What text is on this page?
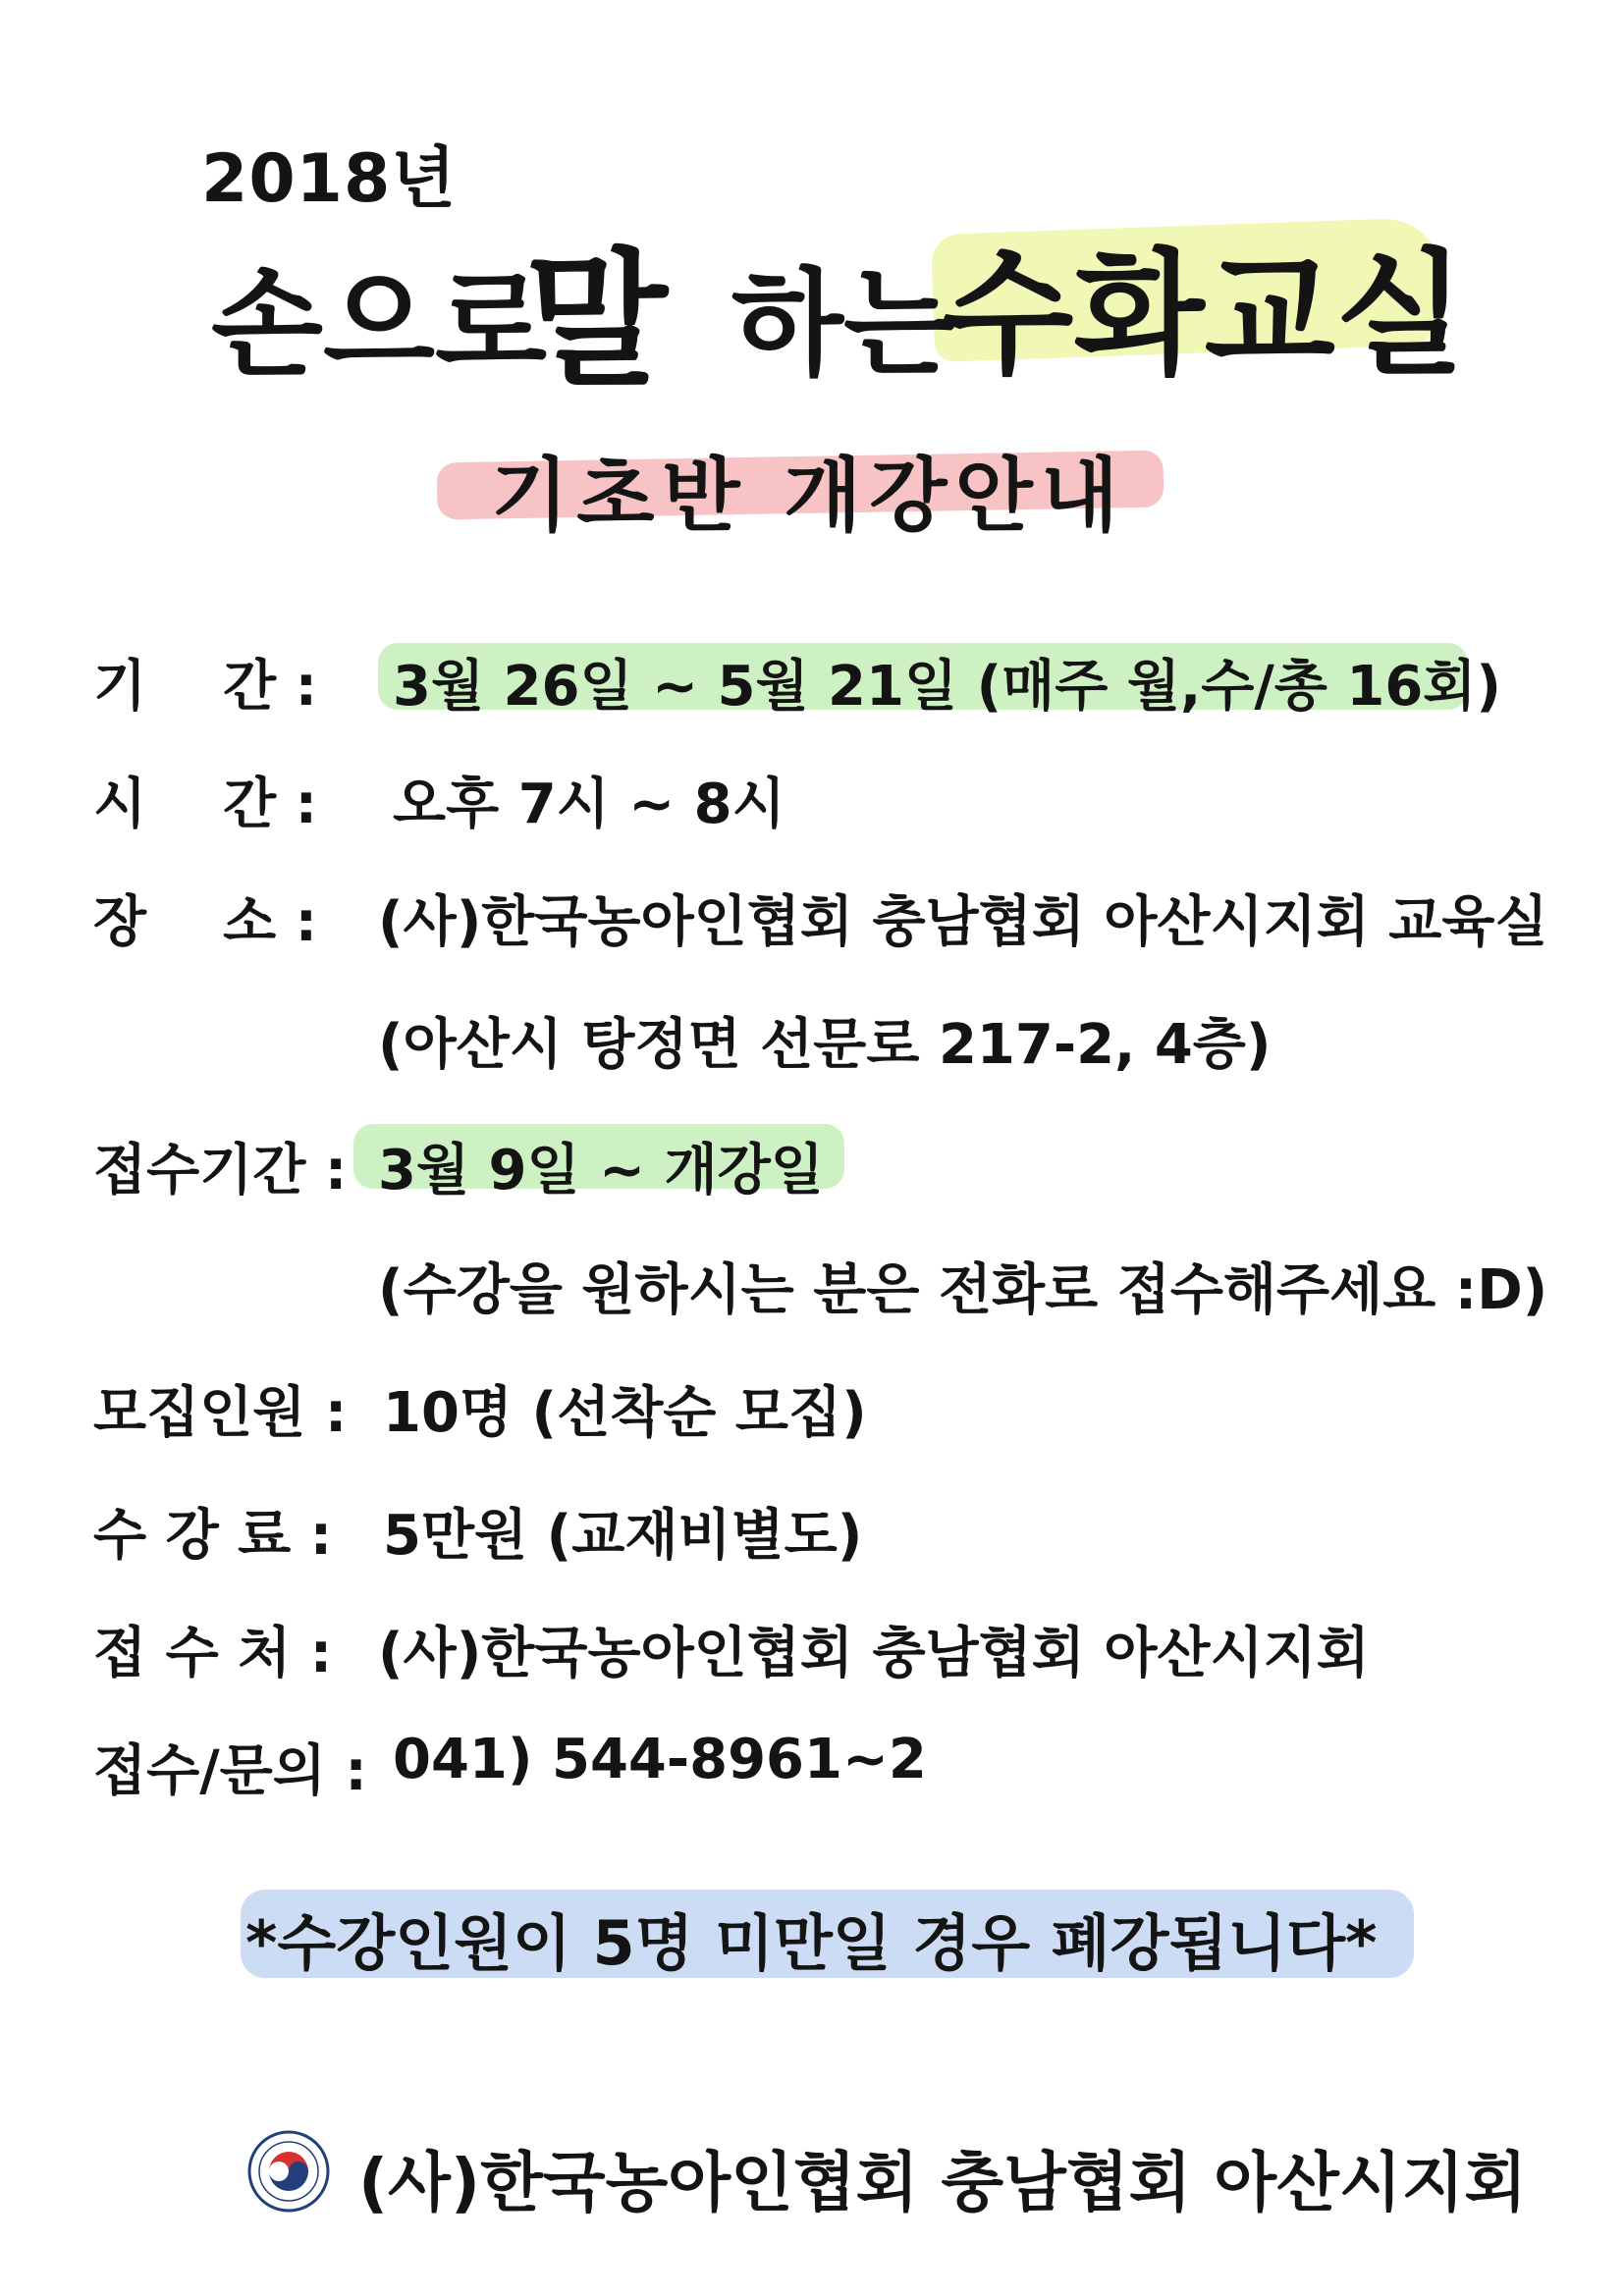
2018년
손으로
말 하는
수화교실
기초반 개강안내
기    간 : 3월 26일 ~ 5월 21일 (매주 월,수/총 16회)
시    간 : 오후 7시 ~ 8시
장    소 : (사)한국농아인협회 충남협회 아산시지회 교육실
(아산시 탕정면 선문로 217-2, 4층)
접수기간 : 3월 9일 ~ 개강일
(수강을 원하시는 분은 전화로 접수해주세요 :D)
모집인원 : 10명 (선착순 모집)
수 강 료 : 5만원 (교재비별도)
접 수 처 : (사)한국농아인협회 충남협회 아산시지회
접수/문의 : 041) 544-8961~2
*수강인원이 5명 미만일 경우 폐강됩니다*
(사)한국농아인협회 충남협회 아산시지회
